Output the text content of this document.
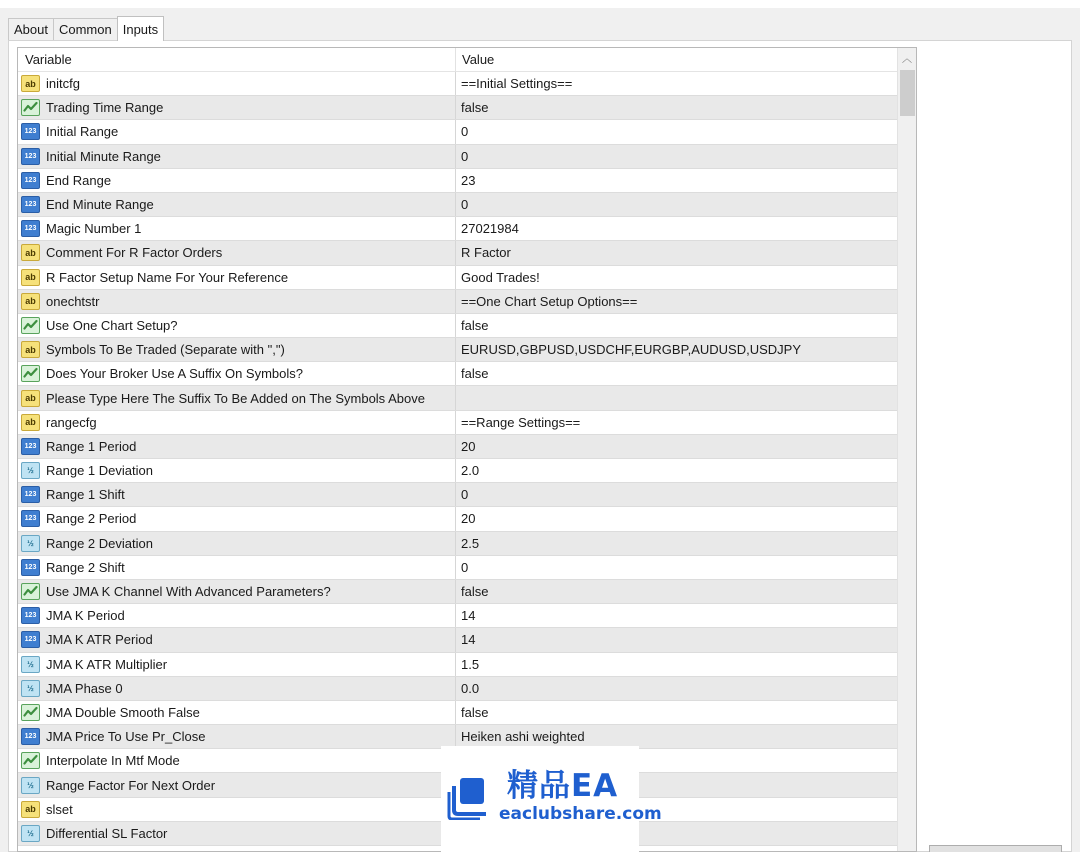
About Common Inputs
Variable	Value
ab initcfg	==Initial Settings==
Trading Time Range	false
123 Initial Range	0
123 Initial Minute Range	0
123 End Range	23
123 End Minute Range	0
123 Magic Number 1	27021984
ab Comment For R Factor Orders	R Factor
ab R Factor Setup Name For Your Reference	Good Trades!
ab onechtstr	==One Chart Setup Options==
Use One Chart Setup?	false
ab Symbols To Be Traded (Separate with ",")	EURUSD,GBPUSD,USDCHF,EURGBP,AUDUSD,USDJPY
Does Your Broker Use A Suffix On Symbols?	false
ab Please Type Here The Suffix To Be Added on The Symbols Above
ab rangecfg	==Range Settings==
123 Range 1 Period	20
½ Range 1 Deviation	2.0
123 Range 1 Shift	0
123 Range 2 Period	20
½ Range 2 Deviation	2.5
123 Range 2 Shift	0
Use JMA K Channel With Advanced Parameters?	false
123 JMA K Period	14
123 JMA K ATR Period	14
½ JMA K ATR Multiplier	1.5
½ JMA Phase 0	0.0
JMA Double Smooth False	false
123 JMA Price To Use Pr_Close	Heiken ashi weighted
Interpolate In Mtf Mode
½ Range Factor For Next Order
ab slset
½ Differential SL Factor
︿
精品EA
eaclubshare.com
